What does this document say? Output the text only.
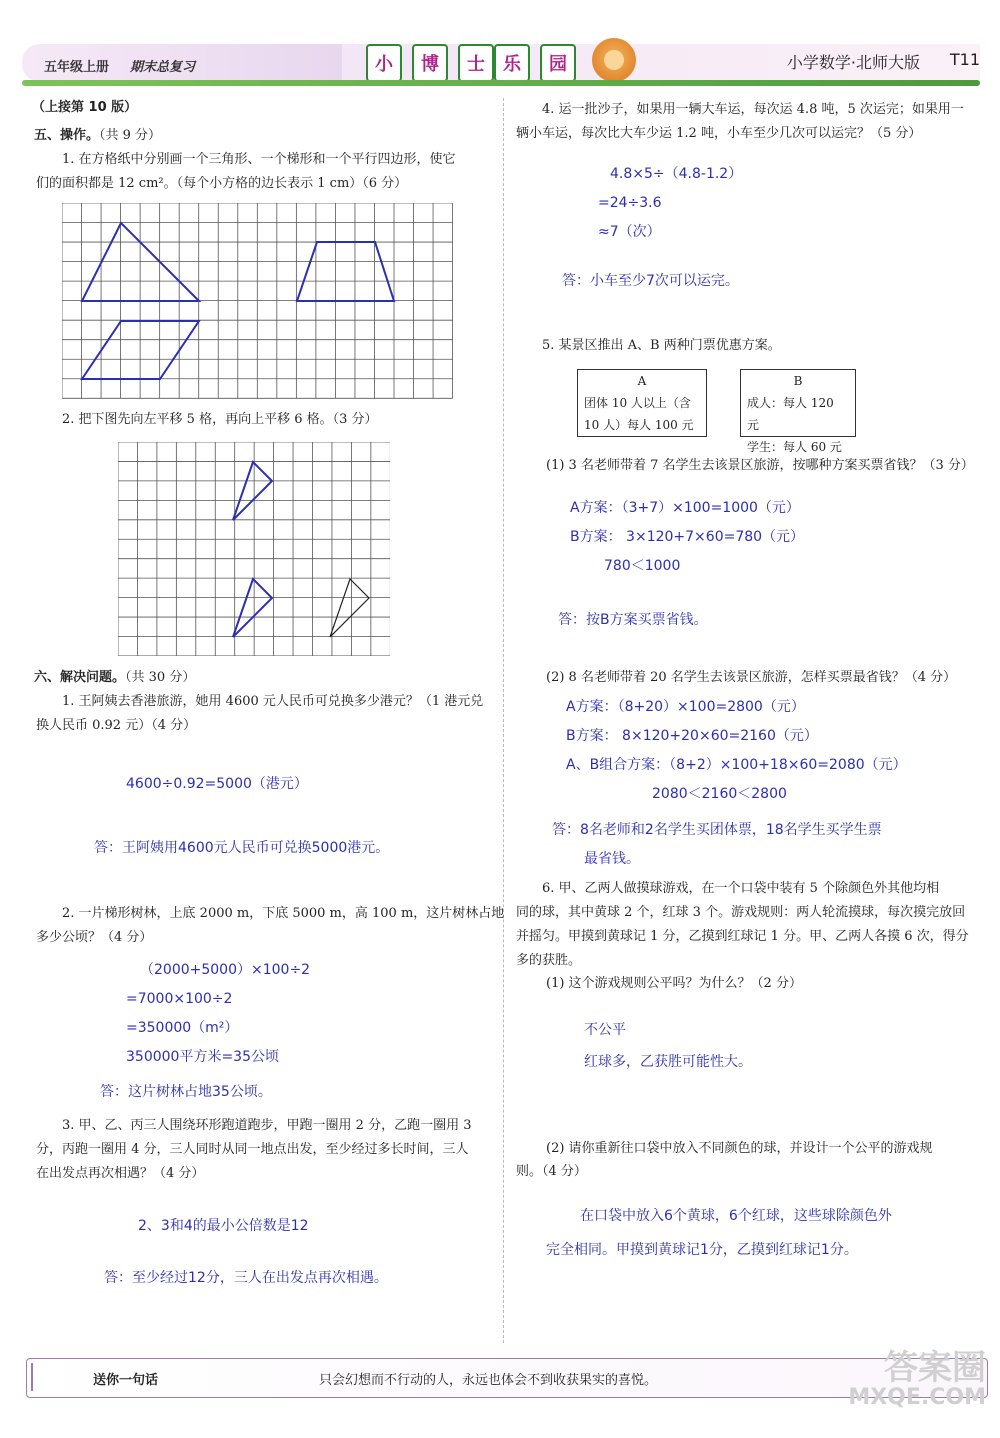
五年级上册 期末总复习	小	博	士	乐	园	小学数学·北师大版 T11
（上接第 10 版）
五、操作。（共 9 分）
1. 在方格纸中分别画一个三角形、一个梯形和一个平行四边形，使它
们的面积都是 12 cm²。（每个小方格的边长表示 1 cm）（6 分）
2. 把下图先向左平移 5 格，再向上平移 6 格。（3 分）
六、解决问题。（共 30 分）
1. 王阿姨去香港旅游，她用 4600 元人民币可兑换多少港元？（1 港元兑
换人民币 0.92 元）（4 分）
4600÷0.92=5000（港元）
答：王阿姨用4600元人民币可兑换5000港元。
2. 一片梯形树林，上底 2000 m，下底 5000 m，高 100 m，这片树林占地
多少公顷？（4 分）
（2000+5000）×100÷2
=7000×100÷2
=350000（m²）
350000平方米=35公顷
答：这片树林占地35公顷。
3. 甲、乙、丙三人围绕环形跑道跑步，甲跑一圈用 2 分，乙跑一圈用 3
分，丙跑一圈用 4 分，三人同时从同一地点出发，至少经过多长时间，三人
在出发点再次相遇？（4 分）
2、3和4的最小公倍数是12
答：至少经过12分，三人在出发点再次相遇。
4. 运一批沙子，如果用一辆大车运，每次运 4.8 吨，5 次运完；如果用一
辆小车运，每次比大车少运 1.2 吨，小车至少几次可以运完？（5 分）
4.8×5÷（4.8-1.2）
=24÷3.6
≈7（次）
答：小车至少7次可以运完。
5. 某景区推出 A、B 两种门票优惠方案。
A
团体 10 人以上（含
10 人）每人 100 元
B
成人：每人 120 元
学生：每人 60 元
(1) 3 名老师带着 7 名学生去该景区旅游，按哪种方案买票省钱？（3 分）
A方案：（3+7）×100=1000（元）
B方案： 3×120+7×60=780（元）
780＜1000
答：按B方案买票省钱。
(2) 8 名老师带着 20 名学生去该景区旅游，怎样买票最省钱？（4 分）
A方案：（8+20）×100=2800（元）
B方案： 8×120+20×60=2160（元）
A、B组合方案：（8+2）×100+18×60=2080（元）
2080＜2160＜2800
答：8名老师和2名学生买团体票，18名学生买学生票
最省钱。
6. 甲、乙两人做摸球游戏，在一个口袋中装有 5 个除颜色外其他均相
同的球，其中黄球 2 个，红球 3 个。游戏规则：两人轮流摸球，每次摸完放回
并摇匀。甲摸到黄球记 1 分，乙摸到红球记 1 分。甲、乙两人各摸 6 次，得分
多的获胜。
(1) 这个游戏规则公平吗？为什么？（2 分）
不公平
红球多，乙获胜可能性大。
(2) 请你重新往口袋中放入不同颜色的球，并设计一个公平的游戏规
则。（4 分）
在口袋中放入6个黄球，6个红球，这些球除颜色外
完全相同。甲摸到黄球记1分，乙摸到红球记1分。
送你一句话	只会幻想而不行动的人，永远也体会不到收获果实的喜悦。	答案圈
MXQE.COM
